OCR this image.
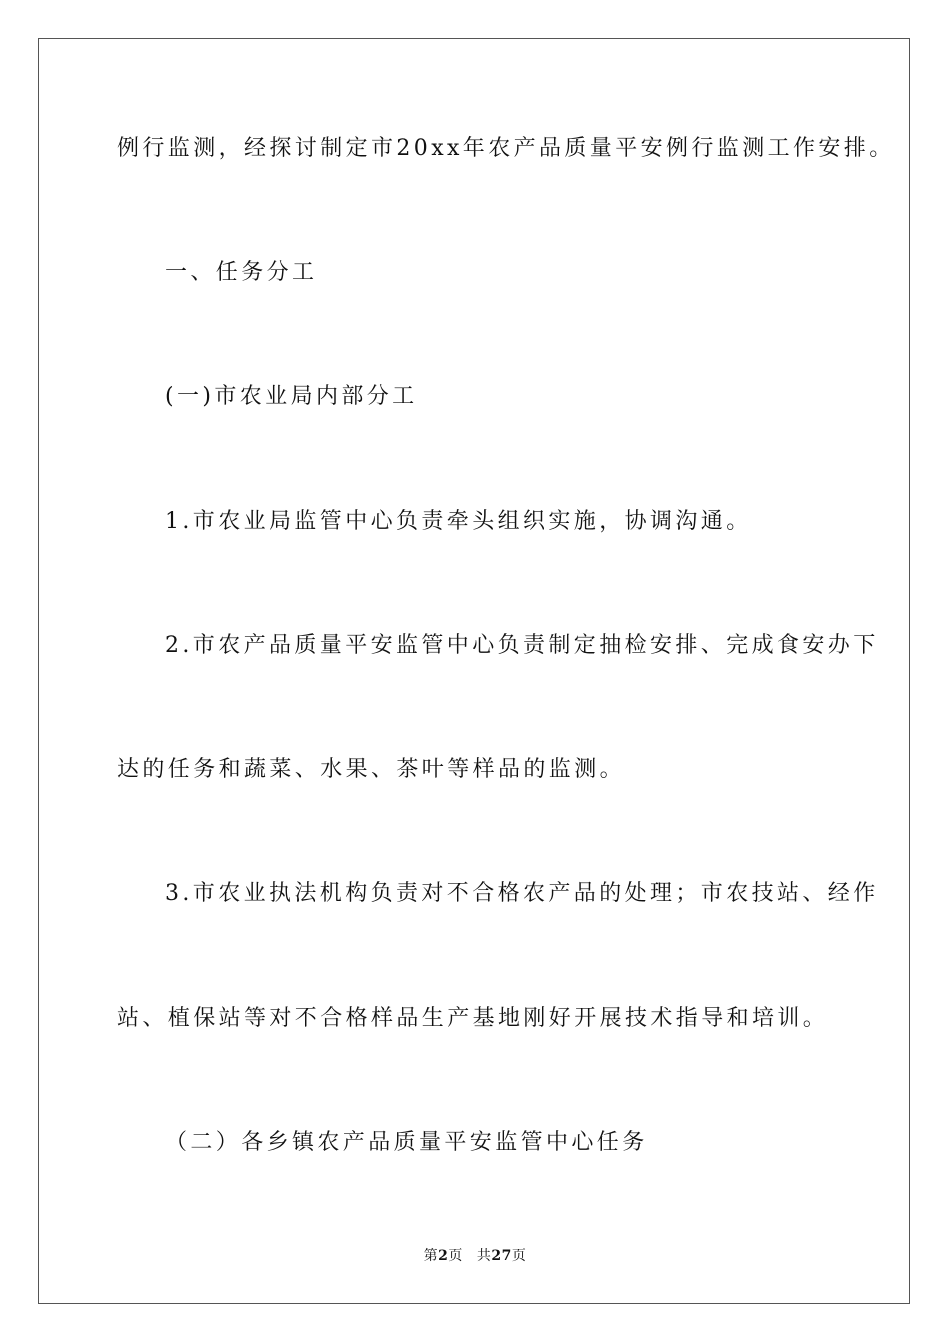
例行监测，经探讨制定市20xx年农产品质量平安例行监测工作安排。

一、任务分工

(一)市农业局内部分工

1.市农业局监管中心负责牵头组织实施，协调沟通。

2.市农产品质量平安监管中心负责制定抽检安排、完成食安办下

达的任务和蔬菜、水果、茶叶等样品的监测。

3.市农业执法机构负责对不合格农产品的处理；市农技站、经作

站、植保站等对不合格样品生产基地刚好开展技术指导和培训。

（二）各乡镇农产品质量平安监管中心任务

第2页 共27页
